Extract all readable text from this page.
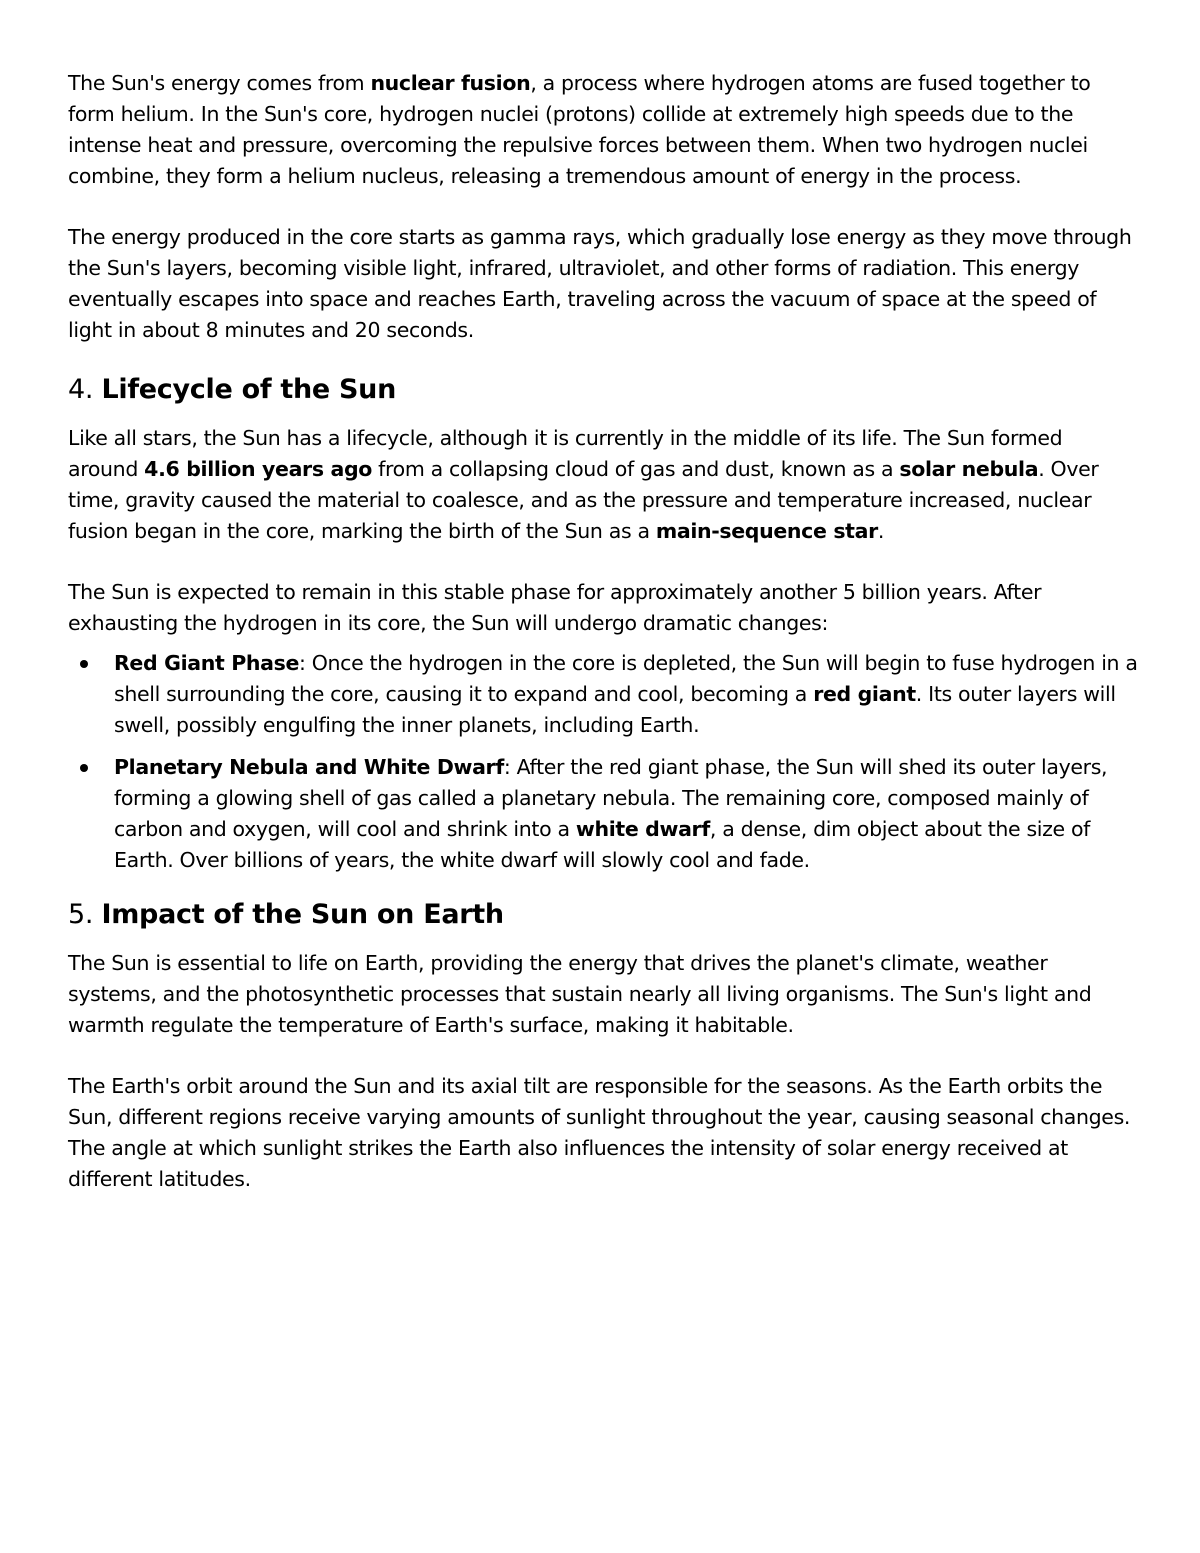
The Sun's energy comes from nuclear fusion, a process where hydrogen atoms are fused together to form helium. In the Sun's core, hydrogen nuclei (protons) collide at extremely high speeds due to the intense heat and pressure, overcoming the repulsive forces between them. When two hydrogen nuclei combine, they form a helium nucleus, releasing a tremendous amount of energy in the process.

The energy produced in the core starts as gamma rays, which gradually lose energy as they move through the Sun's layers, becoming visible light, infrared, ultraviolet, and other forms of radiation. This energy eventually escapes into space and reaches Earth, traveling across the vacuum of space at the speed of light in about 8 minutes and 20 seconds.

4. Lifecycle of the Sun

Like all stars, the Sun has a lifecycle, although it is currently in the middle of its life. The Sun formed around 4.6 billion years ago from a collapsing cloud of gas and dust, known as a solar nebula. Over time, gravity caused the material to coalesce, and as the pressure and temperature increased, nuclear fusion began in the core, marking the birth of the Sun as a main-sequence star.

The Sun is expected to remain in this stable phase for approximately another 5 billion years. After exhausting the hydrogen in its core, the Sun will undergo dramatic changes:

Red Giant Phase: Once the hydrogen in the core is depleted, the Sun will begin to fuse hydrogen in a shell surrounding the core, causing it to expand and cool, becoming a red giant. Its outer layers will swell, possibly engulfing the inner planets, including Earth.
Planetary Nebula and White Dwarf: After the red giant phase, the Sun will shed its outer layers, forming a glowing shell of gas called a planetary nebula. The remaining core, composed mainly of carbon and oxygen, will cool and shrink into a white dwarf, a dense, dim object about the size of Earth. Over billions of years, the white dwarf will slowly cool and fade.
5. Impact of the Sun on Earth

The Sun is essential to life on Earth, providing the energy that drives the planet's climate, weather systems, and the photosynthetic processes that sustain nearly all living organisms. The Sun's light and warmth regulate the temperature of Earth's surface, making it habitable.

The Earth's orbit around the Sun and its axial tilt are responsible for the seasons. As the Earth orbits the Sun, different regions receive varying amounts of sunlight throughout the year, causing seasonal changes. The angle at which sunlight strikes the Earth also influences the intensity of solar energy received at different latitudes.
